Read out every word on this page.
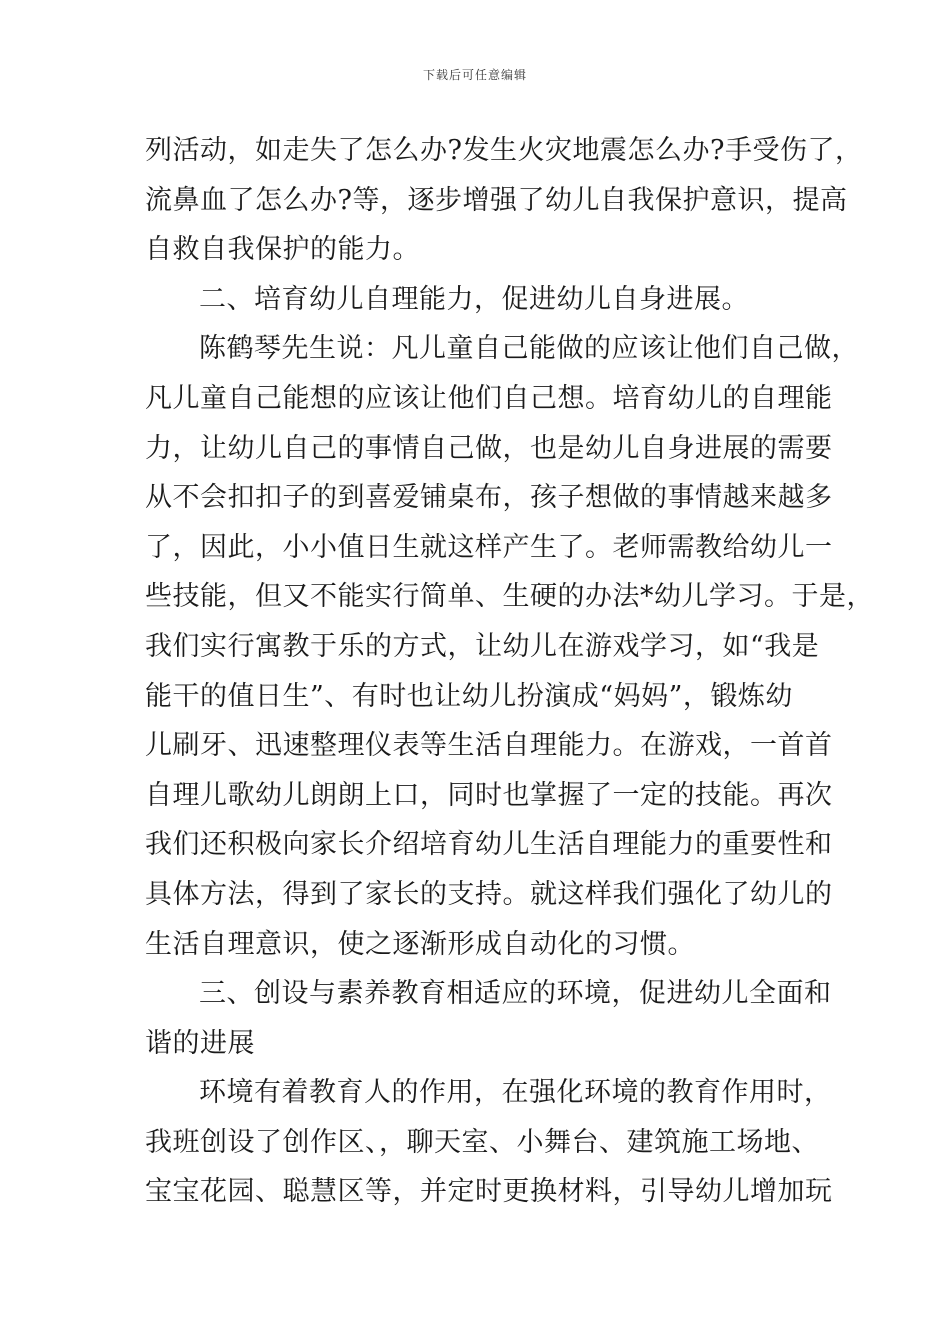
下载后可任意编辑
列活动，如走失了怎么办?发生火灾地震怎么办?手受伤了，
流鼻血了怎么办?等，逐步增强了幼儿自我保护意识，提高
自救自我保护的能力。
二、培育幼儿自理能力，促进幼儿自身进展。
陈鹤琴先生说：凡儿童自己能做的应该让他们自己做，
凡儿童自己能想的应该让他们自己想。培育幼儿的自理能
力，让幼儿自己的事情自己做，也是幼儿自身进展的需要
从不会扣扣子的到喜爱铺桌布，孩子想做的事情越来越多
了，因此，小小值日生就这样产生了。老师需教给幼儿一
些技能，但又不能实行简单、生硬的办法*幼儿学习。于是，
我们实行寓教于乐的方式，让幼儿在游戏学习，如“我是
能干的值日生”、有时也让幼儿扮演成“妈妈”，锻炼幼
儿刷牙、迅速整理仪表等生活自理能力。在游戏，一首首
自理儿歌幼儿朗朗上口，同时也掌握了一定的技能。再次
我们还积极向家长介绍培育幼儿生活自理能力的重要性和
具体方法，得到了家长的支持。就这样我们强化了幼儿的
生活自理意识，使之逐渐形成自动化的习惯。
三、创设与素养教育相适应的环境，促进幼儿全面和
谐的进展
环境有着教育人的作用，在强化环境的教育作用时，
我班创设了创作区、，聊天室、小舞台、建筑施工场地、
宝宝花园、聪慧区等，并定时更换材料，引导幼儿增加玩
